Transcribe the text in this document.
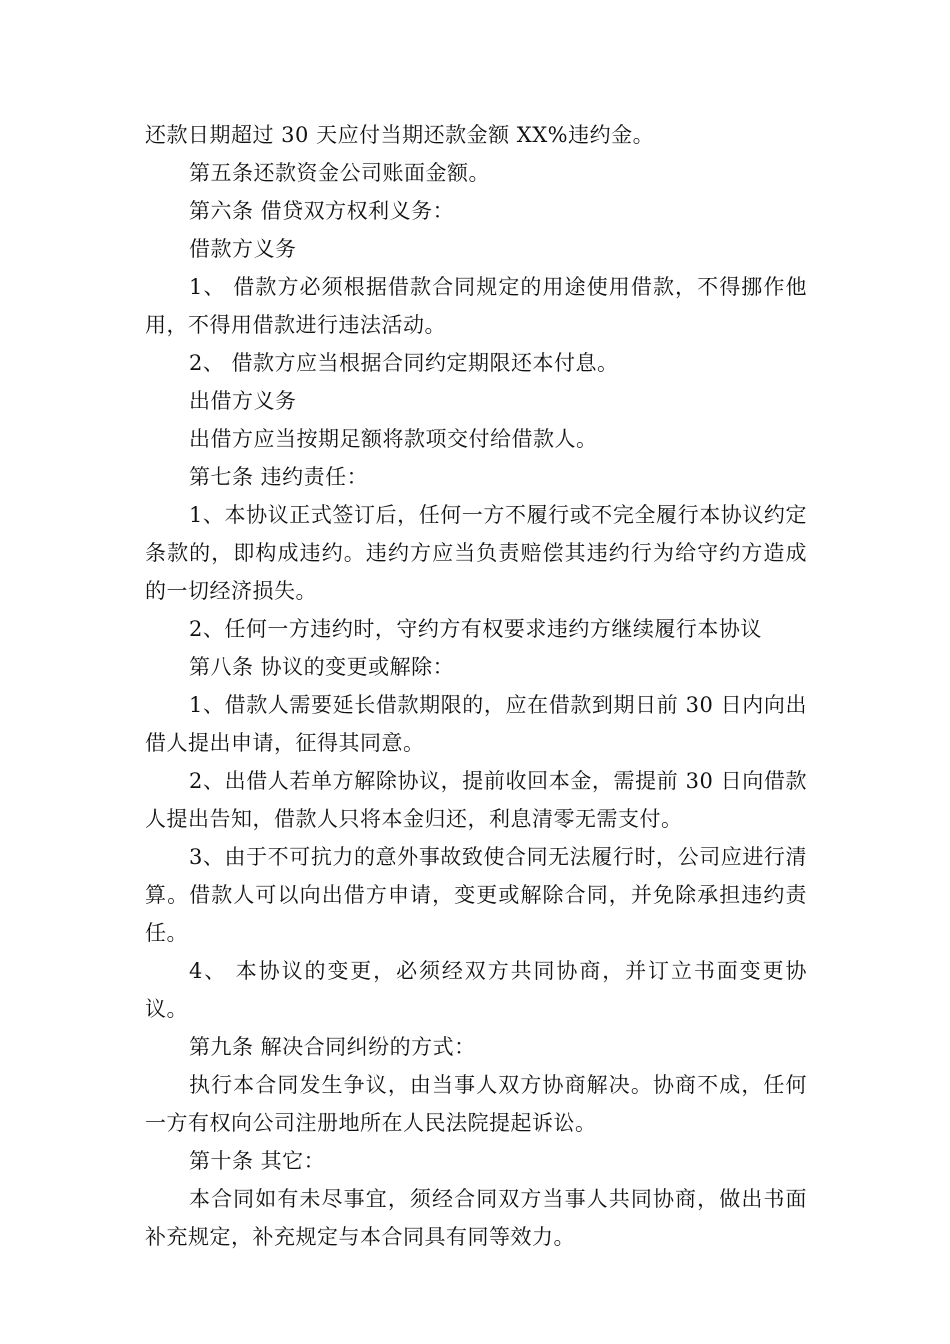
还款日期超过 30 天应付当期还款金额 XX%违约金。

第五条还款资金公司账面金额。

第六条 借贷双方权利义务：

借款方义务

1、 借款方必须根据借款合同规定的用途使用借款，不得挪作他用，不得用借款进行违法活动。

2、 借款方应当根据合同约定期限还本付息。

出借方义务

出借方应当按期足额将款项交付给借款人。

第七条 违约责任：

1、本协议正式签订后，任何一方不履行或不完全履行本协议约定条款的，即构成违约。违约方应当负责赔偿其违约行为给守约方造成的一切经济损失。

2、任何一方违约时，守约方有权要求违约方继续履行本协议

第八条 协议的变更或解除：

1、借款人需要延长借款期限的，应在借款到期日前 30 日内向出借人提出申请，征得其同意。

2、出借人若单方解除协议，提前收回本金，需提前 30 日向借款人提出告知，借款人只将本金归还，利息清零无需支付。

3、由于不可抗力的意外事故致使合同无法履行时，公司应进行清算。借款人可以向出借方申请，变更或解除合同，并免除承担违约责任。

4、 本协议的变更，必须经双方共同协商，并订立书面变更协议。

第九条 解决合同纠纷的方式：

执行本合同发生争议，由当事人双方协商解决。协商不成，任何一方有权向公司注册地所在人民法院提起诉讼。

第十条 其它：

本合同如有未尽事宜，须经合同双方当事人共同协商，做出书面补充规定，补充规定与本合同具有同等效力。
